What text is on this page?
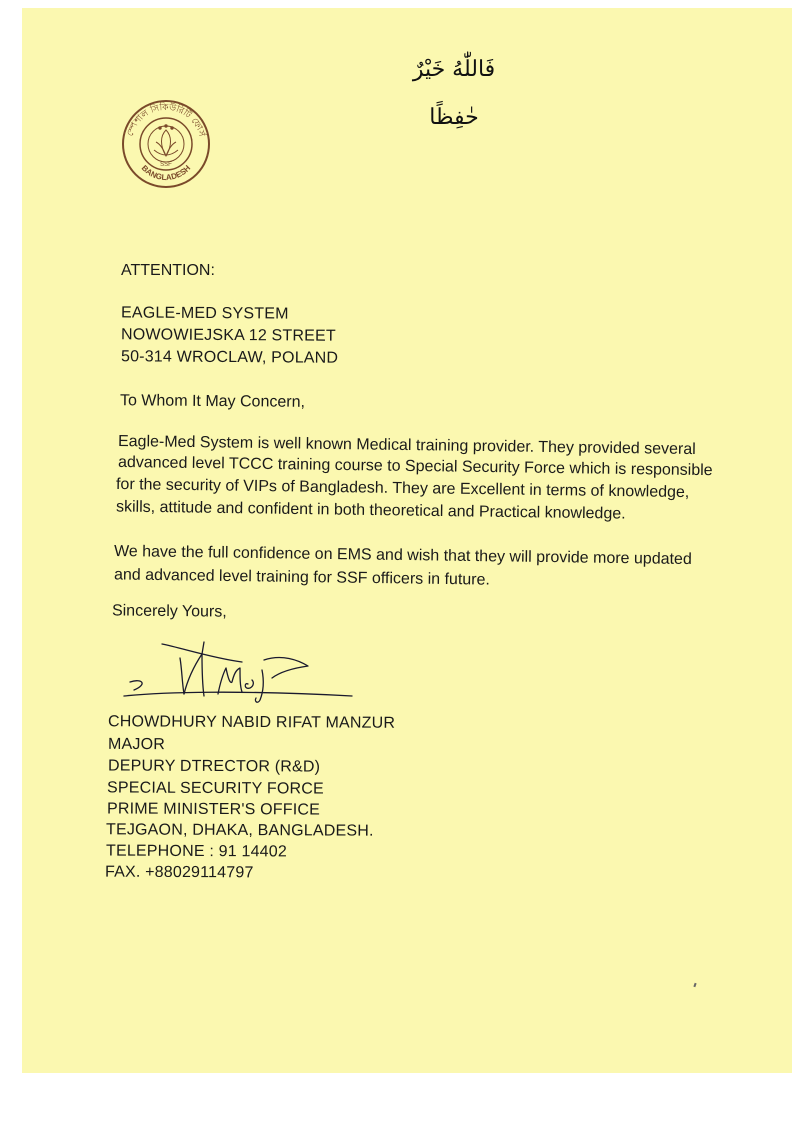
فَاللّٰهُ خَيْرٌ حٰفِظًا
স্পেশাল সিকিউরিটি ফোর্স
SSF
BANGLADESH
ATTENTION:
EAGLE-MED SYSTEM
NOWOWIEJSKA 12 STREET
50-314 WROCLAW, POLAND
To Whom It May Concern,
Eagle-Med System is well known Medical training provider. They provided several
advanced level TCCC training course to Special Security Force which is responsible
for the security of VIPs of Bangladesh. They are Excellent in terms of knowledge,
skills, attitude and confident in both theoretical and Practical knowledge.
We have the full confidence on EMS and wish that they will provide more updated
and advanced level training for SSF officers in future.
Sincerely Yours,
CHOWDHURY NABID RIFAT MANZUR
MAJOR
DEPURY DTRECTOR (R&D)
SPECIAL SECURITY FORCE
PRIME MINISTER'S OFFICE
TEJGAON, DHAKA, BANGLADESH.
TELEPHONE : 91 14402
FAX. +88029114797
